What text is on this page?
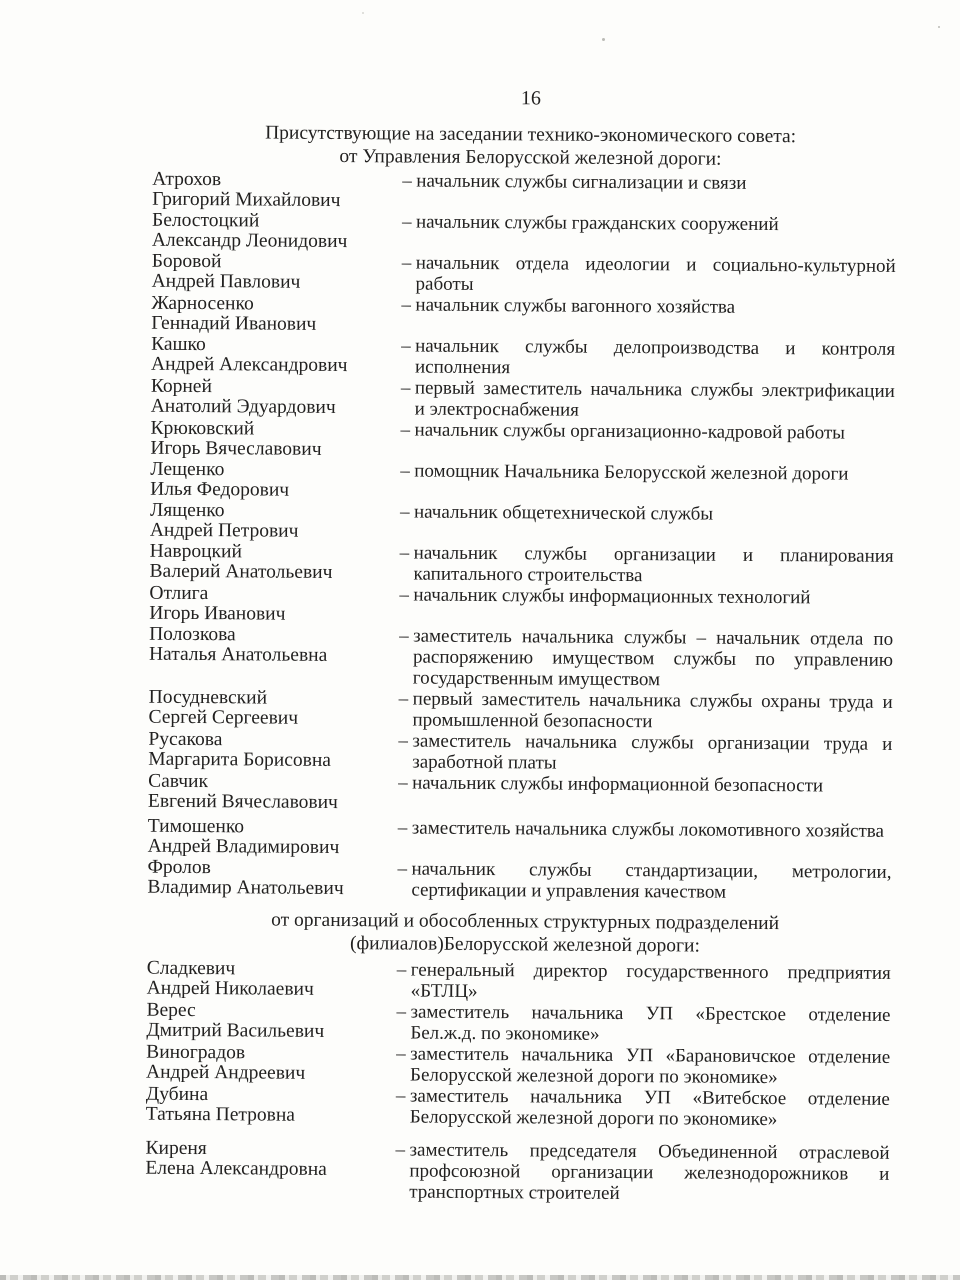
16
Присутствующие на заседании технико-экономического совета:
от Управления Белорусской железной дороги:
Атрохов
Григорий Михайлович
– начальник службы сигнализации и связи
Белостоцкий
Александр Леонидович
– начальник службы гражданских сооружений
Боровой
Андрей Павлович
– начальник отдела идеологии и социально-культурной работы
Жарносенко
Геннадий Иванович
– начальник службы вагонного хозяйства
Кашко
Андрей Александрович
– начальник службы делопроизводства и контроля исполнения
Корней
Анатолий Эдуардович
– первый заместитель начальника службы электрификации и электроснабжения
Крюковский
Игорь Вячеславович
– начальник службы организационно-кадровой работы
Лещенко
Илья Федорович
– помощник Начальника Белорусской железной дороги
Лященко
Андрей Петрович
– начальник общетехнической службы
Навроцкий
Валерий Анатольевич
– начальник службы организации и планирования капитального строительства
Отлига
Игорь Иванович
– начальник службы информационных технологий
Полозкова
Наталья Анатольевна
– заместитель начальника службы – начальник отдела по распоряжению имуществом службы по управлению государственным имуществом
Посудневский
Сергей Сергеевич
– первый заместитель начальника службы охраны труда и промышленной безопасности
Русакова
Маргарита Борисовна
– заместитель начальника службы организации труда и заработной платы
Савчик
Евгений Вячеславович
– начальник службы информационной безопасности
Тимошенко
Андрей Владимирович
– заместитель начальника службы локомотивного хозяйства
Фролов
Владимир Анатольевич
– начальник службы стандартизации, метрологии, сертификации и управления качеством
от организаций и обособленных структурных подразделений
(филиалов)Белорусской железной дороги:
Сладкевич
Андрей Николаевич
– генеральный директор государственного предприятия «БТЛЦ»
Верес
Дмитрий Васильевич
– заместитель начальника УП «Брестское отделение Бел.ж.д. по экономике»
Виноградов
Андрей Андреевич
– заместитель начальника УП «Барановичское отделение Белорусской железной дороги по экономике»
Дубина
Татьяна Петровна
– заместитель начальника УП «Витебское отделение Белорусской железной дороги по экономике»
Киреня
Елена Александровна
– заместитель председателя Объединенной отраслевой профсоюзной организации железнодорожников и транспортных строителей
